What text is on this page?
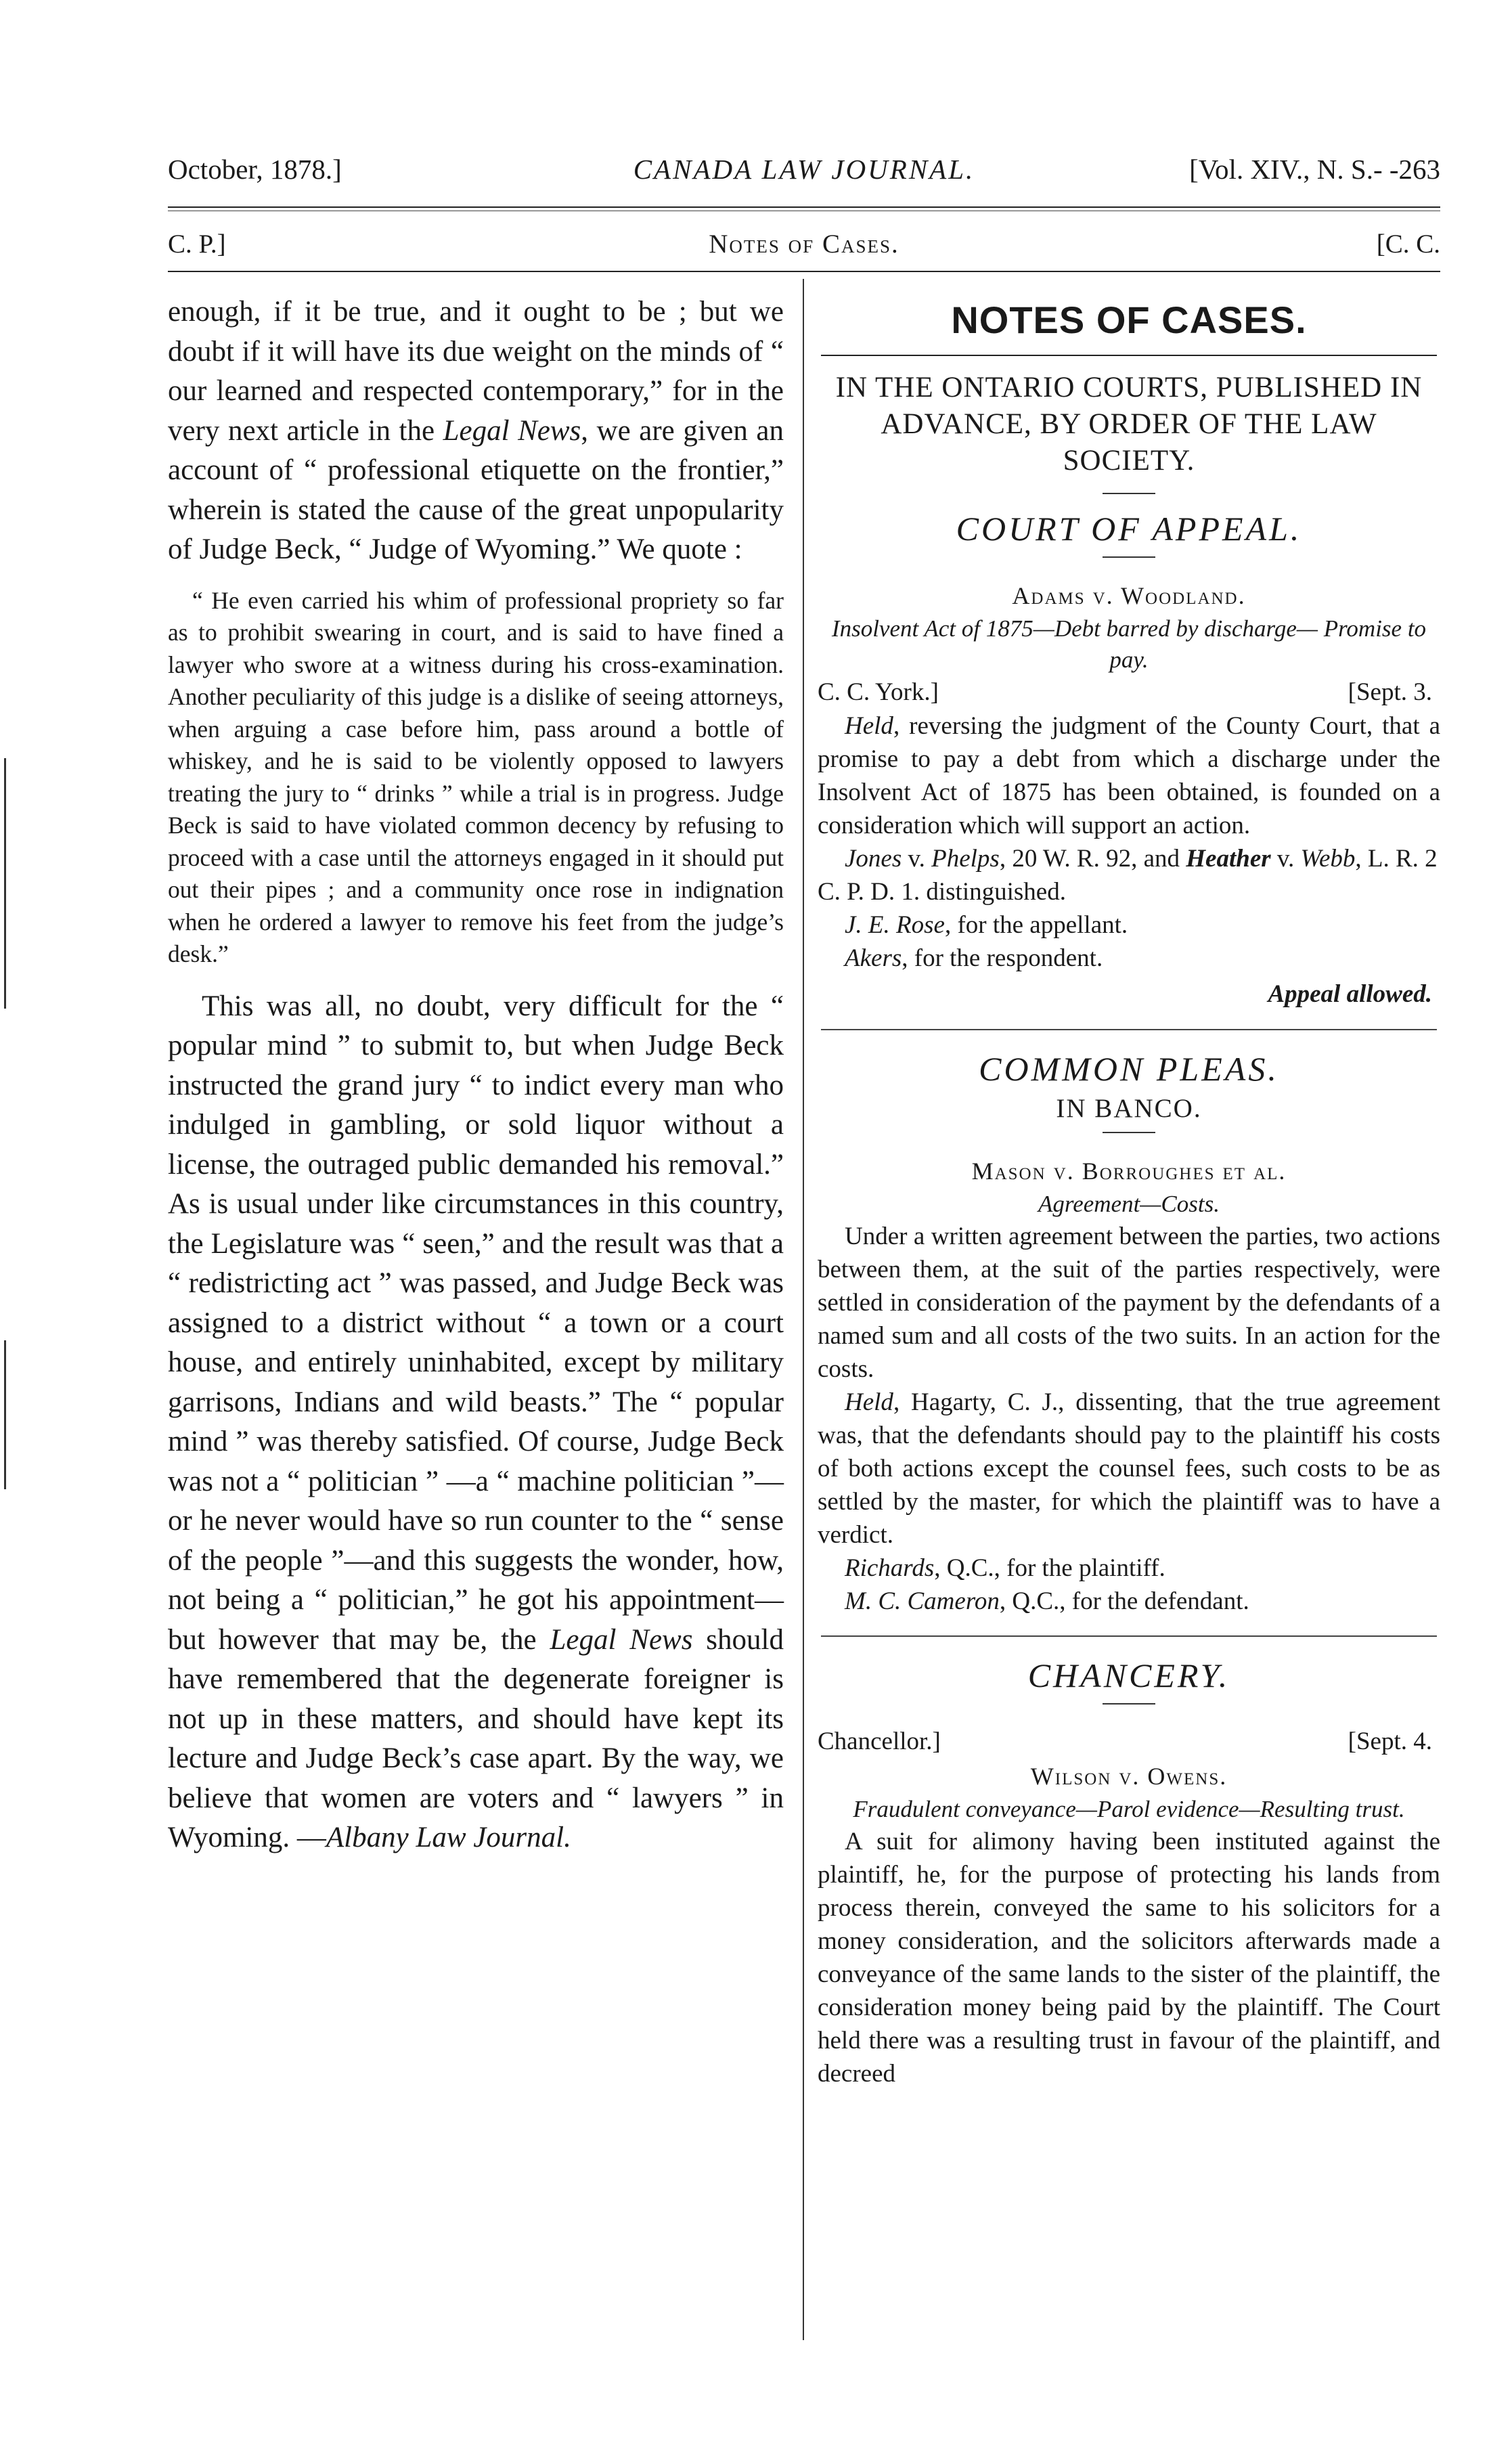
October, 1878.]	CANADA LAW JOURNAL.	[Vol. XIV., N. S.- -263
C. P.]	Notes of Cases.	[C. C.

enough, if it be true, and it ought to be ; but we doubt if it will have its due weight on the minds of “ our learned and respected contemporary,” for in the very next article in the Legal News, we are given an account of “ professional etiquette on the frontier,” wherein is stated the cause of the great unpopularity of Judge Beck, “ Judge of Wyoming.” We quote :

“ He even carried his whim of professional propriety so far as to prohibit swearing in court, and is said to have fined a lawyer who swore at a witness during his cross-examination. Another peculiarity of this judge is a dislike of seeing attorneys, when arguing a case before him, pass around a bottle of whiskey, and he is said to be violently opposed to lawyers treating the jury to “ drinks ” while a trial is in progress. Judge Beck is said to have violated common decency by refusing to proceed with a case until the attorneys engaged in it should put out their pipes ; and a community once rose in indignation when he ordered a lawyer to remove his feet from the judge’s desk.”

This was all, no doubt, very difficult for the “ popular mind ” to submit to, but when Judge Beck instructed the grand jury “ to indict every man who indulged in gambling, or sold liquor without a license, the outraged public demanded his removal.” As is usual under like circumstances in this country, the Legislature was “ seen,” and the result was that a “ redistricting act ” was passed, and Judge Beck was assigned to a district without “ a town or a court house, and entirely uninhabited, except by military garrisons, Indians and wild beasts.” The “ popular mind ” was thereby satisfied. Of course, Judge Beck was not a “ politician ” —a “ machine politician ”—or he never would have so run counter to the “ sense of the people ”—and this suggests the wonder, how, not being a “ politician,” he got his appointment—but however that may be, the Legal News should have remembered that the degenerate foreigner is not up in these matters, and should have kept its lecture and Judge Beck’s case apart. By the way, we believe that women are voters and “ lawyers ” in Wyoming. —Albany Law Journal.

NOTES OF CASES.

IN THE ONTARIO COURTS, PUBLISHED IN ADVANCE, BY ORDER OF THE LAW SOCIETY.

COURT OF APPEAL.

Adams v. Woodland.

Insolvent Act of 1875—Debt barred by discharge— Promise to pay.

C. C. York.]	[Sept. 3.

Held, reversing the judgment of the County Court, that a promise to pay a debt from which a discharge under the Insolvent Act of 1875 has been obtained, is founded on a consideration which will support an action.

Jones v. Phelps, 20 W. R. 92, and Heather v. Webb, L. R. 2 C. P. D. 1. distinguished.

J. E. Rose, for the appellant.

Akers, for the respondent.

Appeal allowed.

COMMON PLEAS.

IN BANCO.

Mason v. Borroughes et al.

Agreement—Costs.

Under a written agreement between the parties, two actions between them, at the suit of the parties respectively, were settled in consideration of the payment by the defendants of a named sum and all costs of the two suits. In an action for the costs.

Held, Hagarty, C. J., dissenting, that the true agreement was, that the defendants should pay to the plaintiff his costs of both actions except the counsel fees, such costs to be as settled by the master, for which the plaintiff was to have a verdict.

Richards, Q.C., for the plaintiff.

M. C. Cameron, Q.C., for the defendant.

CHANCERY.

Chancellor.]	[Sept. 4.

Wilson v. Owens.

Fraudulent conveyance—Parol evidence—Resulting trust.

A suit for alimony having been instituted against the plaintiff, he, for the purpose of protecting his lands from process therein, conveyed the same to his solicitors for a money consideration, and the solicitors afterwards made a conveyance of the same lands to the sister of the plaintiff, the consideration money being paid by the plaintiff. The Court held there was a resulting trust in favour of the plaintiff, and decreed
